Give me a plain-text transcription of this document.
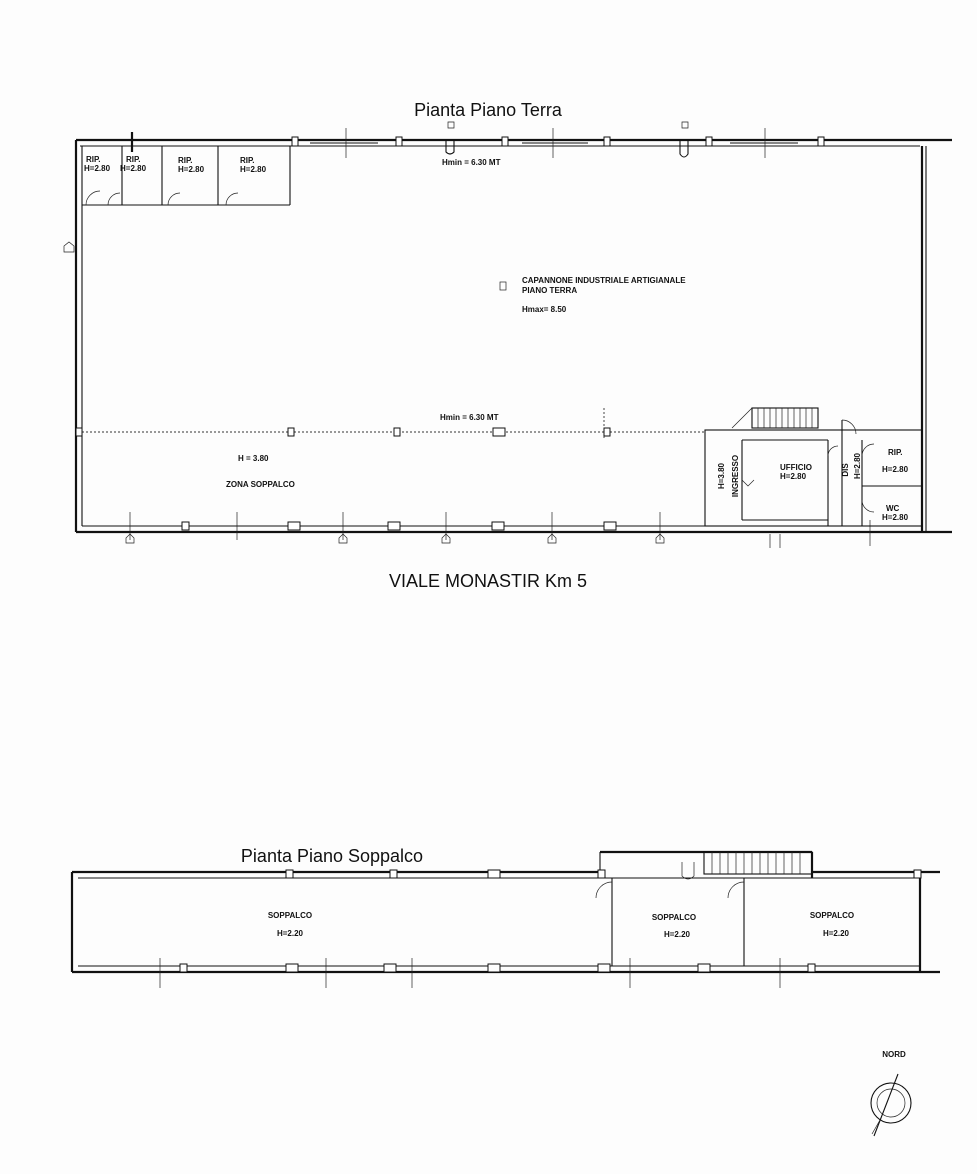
Pianta Piano Terra
RIP.
H=2.80
RIP.
H=2.80
RIP.
H=2.80
RIP.
H=2.80
Hmin = 6.30 MT
CAPANNONE INDUSTRIALE ARTIGIANALE
PIANO TERRA
Hmax= 8.50
Hmin = 6.30 MT
H = 3.80
ZONA SOPPALCO	INGRESSO
H=3.80	UFFICIO
H=2.80	DIS H=2.80
RIP.
H=2.80
WC
H=2.80
VIALE MONASTIR Km 5
Pianta Piano Soppalco
SOPPALCO
H=2.20
SOPPALCO
H=2.20
SOPPALCO
H=2.20
NORD
